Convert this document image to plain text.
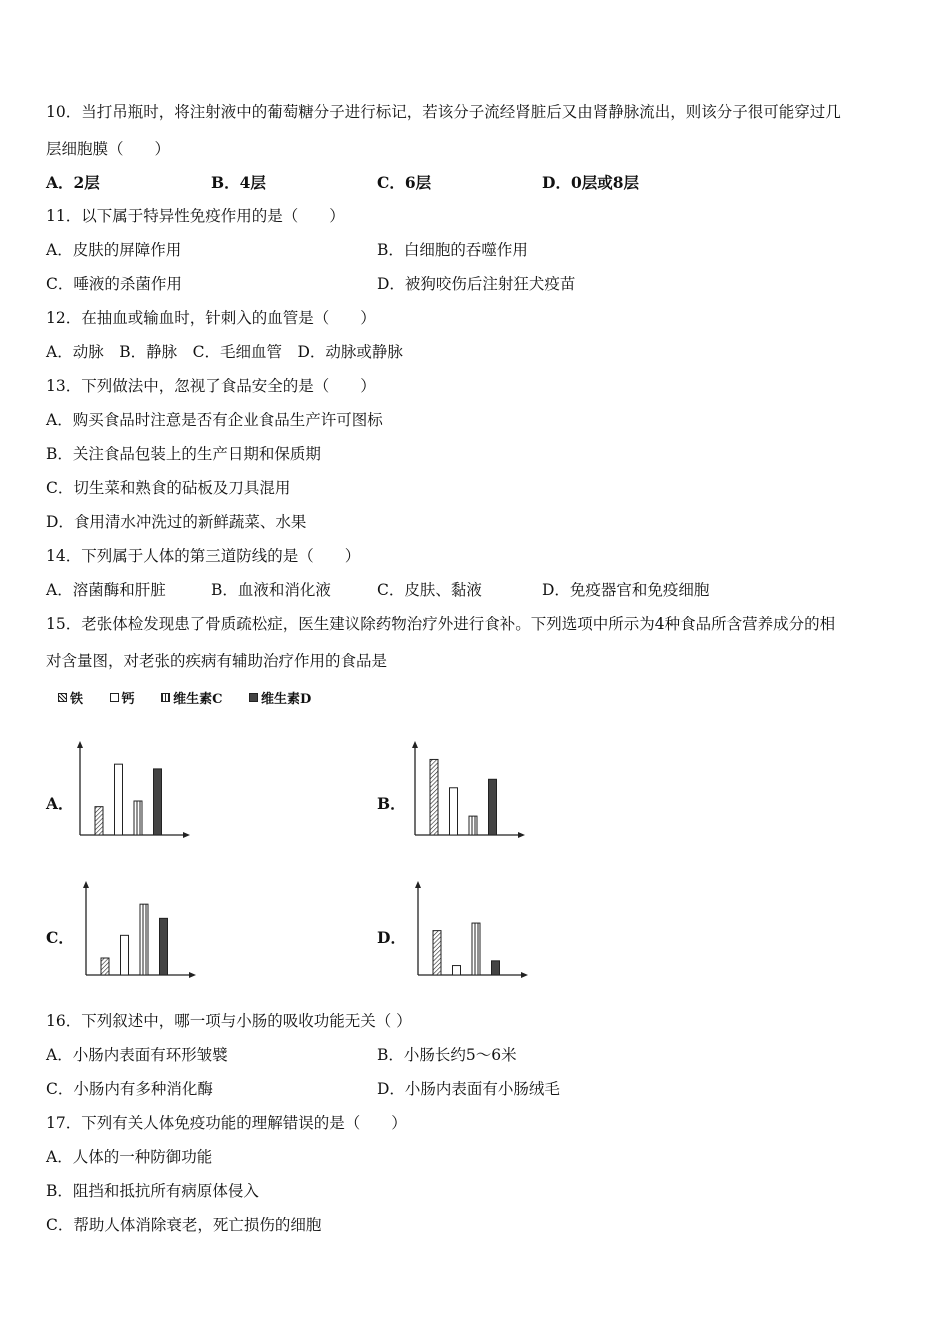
10．当打吊瓶时，将注射液中的葡萄糖分子进行标记，若该分子流经肾脏后又由肾静脉流出，则该分子很可能穿过几
层细胞膜（　　）
A．2层	B．4层	C．6层	D．0层或8层
11．以下属于特异性免疫作用的是（　　）
A．皮肤的屏障作用	B．白细胞的吞噬作用
C．唾液的杀菌作用	D．被狗咬伤后注射狂犬疫苗
12．在抽血或输血时，针刺入的血管是（　　）
A．动脉　B．静脉　C．毛细血管　D．动脉或静脉
13．下列做法中，忽视了食品安全的是（　　）
A．购买食品时注意是否有企业食品生产许可图标
B．关注食品包装上的生产日期和保质期
C．切生菜和熟食的砧板及刀具混用
D．食用清水冲洗过的新鲜蔬菜、水果
14．下列属于人体的第三道防线的是（　　）
A．溶菌酶和肝脏	B．血液和消化液	C．皮肤、黏液	D．免疫器官和免疫细胞
15．老张体检发现患了骨质疏松症，医生建议除药物治疗外进行食补。下列选项中所示为4种食品所含营养成分的相
对含量图，对老张的疾病有辅助治疗作用的食品是
铁
	钙
	维生素C
	维生素D
A．	B．
C．	D．
16．下列叙述中，哪一项与小肠的吸收功能无关（ ）
A．小肠内表面有环形皱襞	B．小肠长约5～6米
C．小肠内有多种消化酶	D．小肠内表面有小肠绒毛
17．下列有关人体免疫功能的理解错误的是（　　）
A．人体的一种防御功能
B．阻挡和抵抗所有病原体侵入
C．帮助人体消除衰老，死亡损伤的细胞
